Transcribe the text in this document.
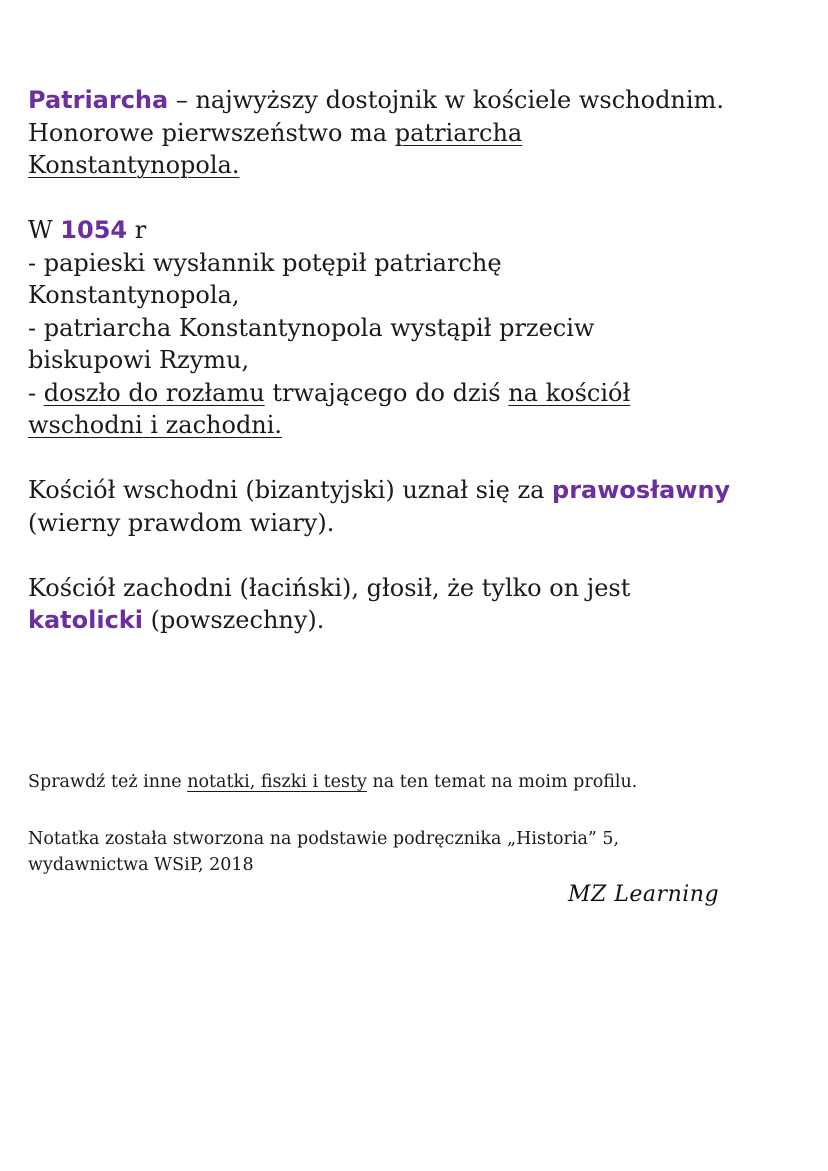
Patriarcha – najwyższy dostojnik w kościele wschodnim.
Honorowe pierwszeństwo ma patriarcha
Konstantynopola.

W 1054 r
- papieski wysłannik potępił patriarchę
Konstantynopola,
- patriarcha Konstantynopola wystąpił przeciw
biskupowi Rzymu,
- doszło do rozłamu trwającego do dziś na kościół
wschodni i zachodni.

Kościół wschodni (bizantyjski) uznał się za prawosławny
(wierny prawdom wiary).

Kościół zachodni (łaciński), głosił, że tylko on jest
katolicki (powszechny).

Sprawdź też inne notatki, fiszki i testy na ten temat na moim profilu.

Notatka została stworzona na podstawie podręcznika „Historia” 5,
wydawnictwa WSiP, 2018

MZ Learning
